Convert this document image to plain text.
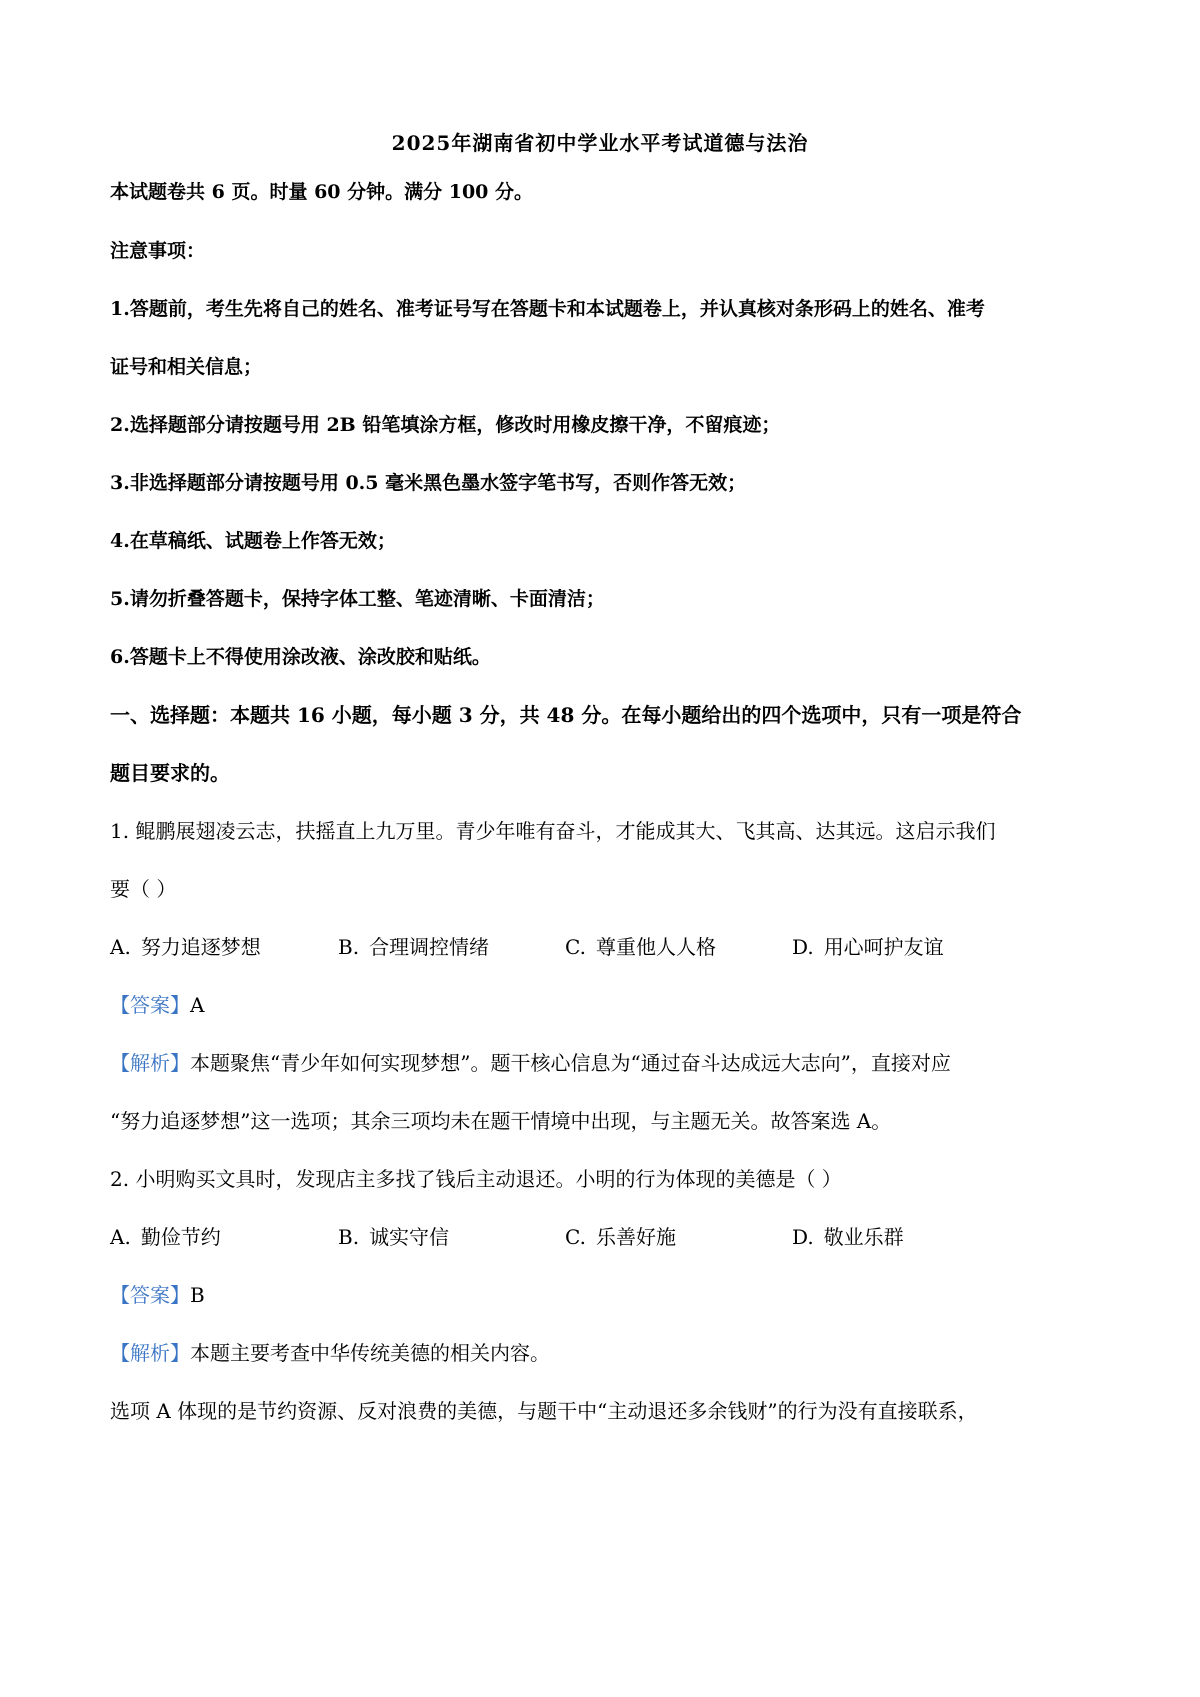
2025年湖南省初中学业水平考试道德与法治
本试题卷共 6 页。时量 60 分钟。满分 100 分。
注意事项：
1.答题前，考生先将自己的姓名、准考证号写在答题卡和本试题卷上，并认真核对条形码上的姓名、准考
证号和相关信息；
2.选择题部分请按题号用 2B 铅笔填涂方框，修改时用橡皮擦干净，不留痕迹；
3.非选择题部分请按题号用 0.5 毫米黑色墨水签字笔书写，否则作答无效；
4.在草稿纸、试题卷上作答无效；
5.请勿折叠答题卡，保持字体工整、笔迹清晰、卡面清洁；
6.答题卡上不得使用涂改液、涂改胶和贴纸。
一、选择题：本题共 16 小题，每小题 3 分，共 48 分。在每小题给出的四个选项中，只有一项是符合
题目要求的。
1. 鲲鹏展翅凌云志，扶摇直上九万里。青少年唯有奋斗，才能成其大、飞其高、达其远。这启示我们
要（ ）
A. 努力追逐梦想	B. 合理调控情绪	C. 尊重他人人格	D. 用心呵护友谊
【答案】A
【解析】本题聚焦“青少年如何实现梦想”。题干核心信息为“通过奋斗达成远大志向”，直接对应
“努力追逐梦想”这一选项；其余三项均未在题干情境中出现，与主题无关。故答案选 A。
2. 小明购买文具时，发现店主多找了钱后主动退还。小明的行为体现的美德是（ ）
A. 勤俭节约	B. 诚实守信	C. 乐善好施	D. 敬业乐群
【答案】B
【解析】本题主要考查中华传统美德的相关内容。
选项 A 体现的是节约资源、反对浪费的美德，与题干中“主动退还多余钱财”的行为没有直接联系，
